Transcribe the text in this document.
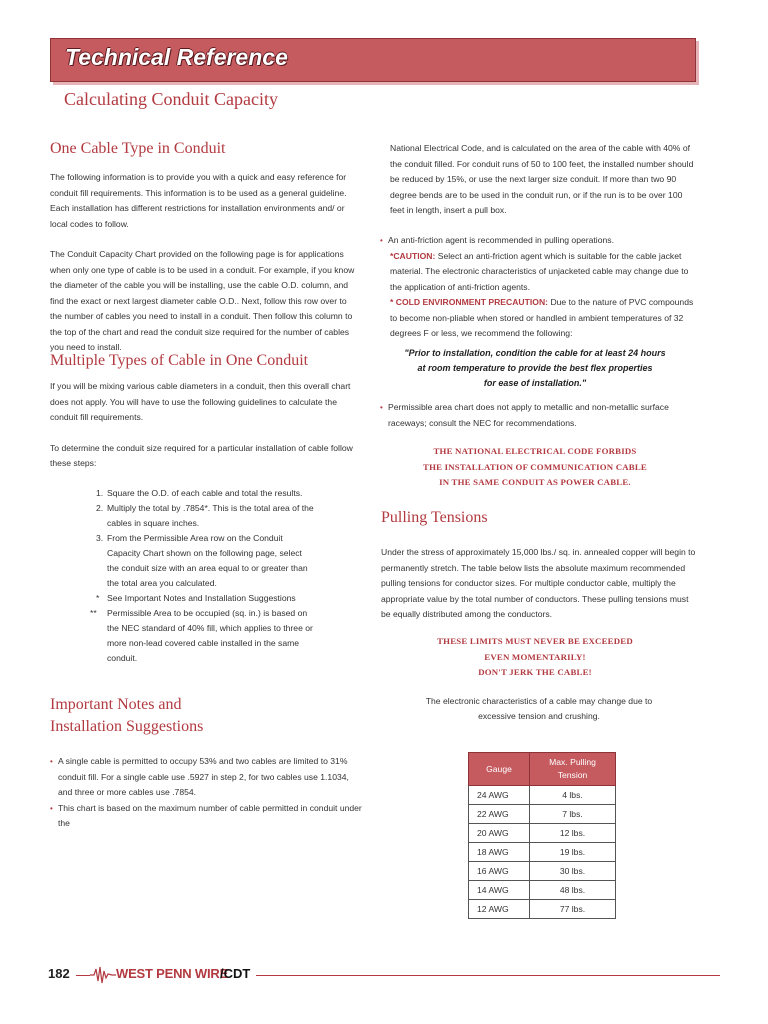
Technical Reference
Calculating Conduit Capacity
One Cable Type in Conduit

The following information is to provide you with a quick and easy reference for conduit fill requirements. This information is to be used as a general guideline. Each installation has different restrictions for installation environments and/ or local codes to follow.

The Conduit Capacity Chart provided on the following page is for applications when only one type of cable is to be used in a conduit. For example, if you know the diameter of the cable you will be installing, use the cable O.D. column, and find the exact or next largest diameter cable O.D.. Next, follow this row over to the number of cables you need to install in a conduit. Then follow this column to the top of the chart and read the conduit size required for the number of cables you need to install.

Multiple Types of Cable in One Conduit

If you will be mixing various cable diameters in a conduit, then this overall chart does not apply. You will have to use the following guidelines to calculate the conduit fill requirements.

To determine the conduit size required for a particular installation of cable follow these steps:

1. Square the O.D. of each cable and total the results.
2. Multiply the total by .7854*. This is the total area of the cables in square inches.
3. From the Permissible Area row on the Conduit Capacity Chart shown on the following page, select the conduit size with an area equal to or greater than the total area you calculated.
* See Important Notes and Installation Suggestions
**	Permissible Area to be occupied (sq. in.) is based on the NEC standard of 40% fill, which applies to three or more non-lead covered cable installed in the same conduit.
Important Notes and
Installation Suggestions
• A single cable is permitted to occupy 53% and two cables are limited to 31% conduit fill. For a single cable use .5927 in step 2, for two cables use 1.1034, and three or more cables use .7854.
• This chart is based on the maximum number of cable permitted in conduit under the
National Electrical Code, and is calculated on the area of the cable with 40% of the conduit filled. For conduit runs of 50 to 100 feet, the installed number should be reduced by 15%, or use the next larger size conduit. If more than two 90 degree bends are to be used in the conduit run, or if the run is to be over 100 feet in length, insert a pull box.
• An anti-friction agent is recommended in pulling operations.
*CAUTION: Select an anti-friction agent which is suitable for the cable jacket material. The electronic characteristics of unjacketed cable may change due to the application of anti-friction agents.
* COLD ENVIRONMENT PRECAUTION: Due to the nature of PVC compounds to become non-pliable when stored or handled in ambient temperatures of 32 degrees F or less, we recommend the following:
"Prior to installation, condition the cable for at least 24 hours
at room temperature to provide the best flex properties
for ease of installation."
• Permissible area chart does not apply to metallic and non-metallic surface raceways; consult the NEC for recommendations.
THE NATIONAL ELECTRICAL CODE FORBIDS
THE INSTALLATION OF COMMUNICATION CABLE
IN THE SAME CONDUIT AS POWER CABLE.
Pulling Tensions
Under the stress of approximately 15,000 lbs./ sq. in. annealed copper will begin to permanently stretch. The table below lists the absolute maximum recommended pulling tensions for conductor sizes. For multiple conductor cable, multiply the appropriate value by the total number of conductors. These pulling tensions must be equally distributed among the conductors.
THESE LIMITS MUST NEVER BE EXCEEDED
EVEN MOMENTARILY!
DON'T JERK THE CABLE!
The electronic characteristics of a cable may change due to
excessive tension and crushing.
Gauge	Max. Pulling
Tension

24 AWG	4 lbs.
22 AWG	7 lbs.
20 AWG	12 lbs.
18 AWG	19 lbs.
16 AWG	30 lbs.
14 AWG	48 lbs.
12 AWG	77 lbs.
182	WEST PENN WIRE
/CDT
